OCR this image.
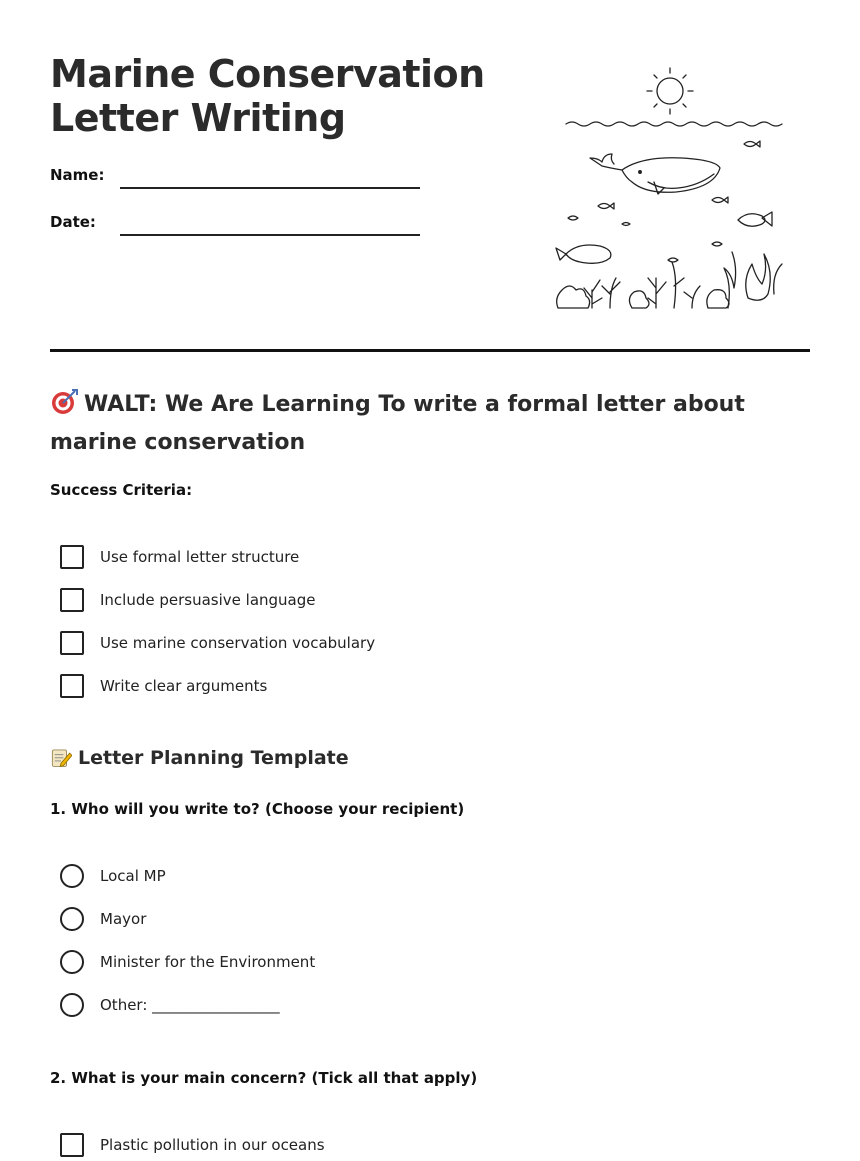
Marine Conservation
Letter Writing
Name:
Date:
WALT: We Are Learning To write a formal letter about marine conservation

Success Criteria:

Use formal letter structure
Include persuasive language
Use marine conservation vocabulary
Write clear arguments
Letter Planning Template

1. Who will you write to? (Choose your recipient)

Local MP
Mayor
Minister for the Environment
Other: _________________

2. What is your main concern? (Tick all that apply)

Plastic pollution in our oceans
